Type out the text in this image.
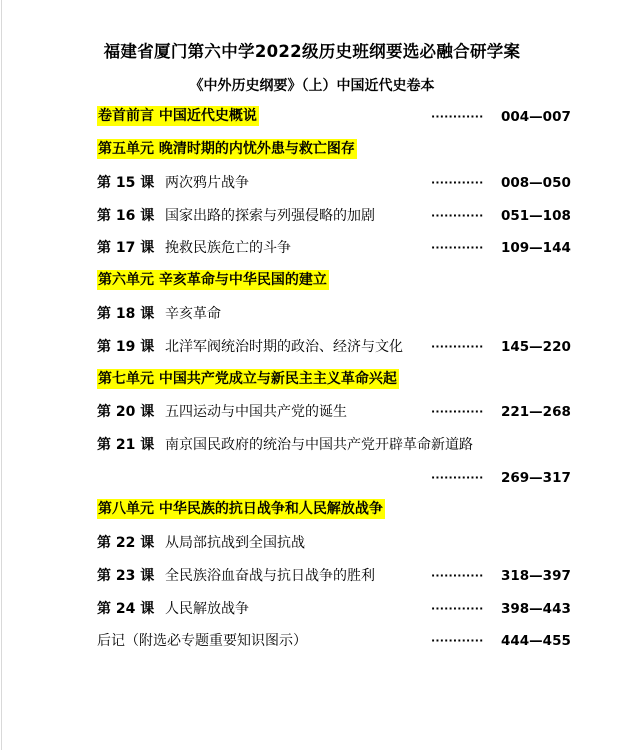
福建省厦门第六中学2022级历史班纲要选必融合研学案
《中外历史纲要》（上）中国近代史卷本
卷首前言 中国近代史概说	············ 004—007
第五单元 晚清时期的内忧外患与救亡图存
第 15 课 两次鸦片战争	············ 008—050
第 16 课 国家出路的探索与列强侵略的加剧	············ 051—108
第 17 课 挽救民族危亡的斗争	············ 109—144
第六单元 辛亥革命与中华民国的建立
第 18 课 辛亥革命
第 19 课 北洋军阀统治时期的政治、经济与文化	············ 145—220
第七单元 中国共产党成立与新民主主义革命兴起
第 20 课 五四运动与中国共产党的诞生	············ 221—268
第 21 课 南京国民政府的统治与中国共产党开辟革命新道路
············ 269—317
第八单元 中华民族的抗日战争和人民解放战争
第 22 课 从局部抗战到全国抗战
第 23 课 全民族浴血奋战与抗日战争的胜利	············ 318—397
第 24 课 人民解放战争	············ 398—443
后记（附选必专题重要知识图示）	············ 444—455
